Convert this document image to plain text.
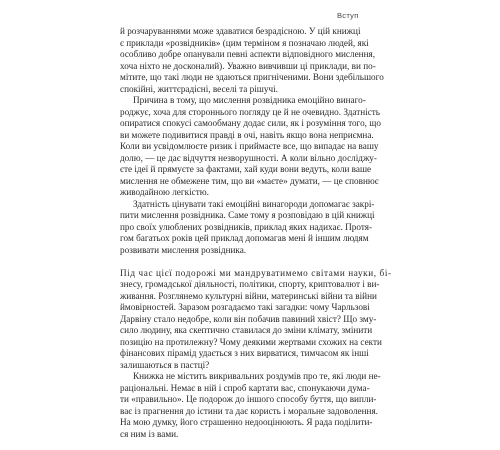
Вступ
й розчаруваннями може здаватися безрадісною. У цій книжці
є приклади «розвідників» (цим терміном я позначаю людей, які
особливо добре опанували певні аспекти відповідного мислення,
хоча ніхто не досконалий). Уважно вивчивши ці приклади, ви по-
мітите, що такі люди не здаються пригніченими. Вони здебільшого
спокійні, життєрадісні, веселі та рішучі.
Причина в тому, що мислення розвідника емоційно винаго-
роджує, хоча для стороннього погляду це й не очевидно. Здатність
опиратися спокусі самообману додає сили, як і розуміння того, що
ви можете подивитися правді в очі, навіть якщо вона неприємна.
Коли ви усвідомлюєте ризик і приймаєте все, що випадає на вашу
долю, — це дає відчуття незворушності. А коли вільно досліджу-
єте ідеї й прямуєте за фактами, хай куди вони ведуть, коли ваше
мислення не обмежене тим, що ви «маєте» думати, — це сповнює
живодайною легкістю.
Здатність цінувати такі емоційні винагороди допомагає закрі-
пити мислення розвідника. Саме тому я розповідаю в цій книжці
про своїх улюблених розвідників, приклад яких надихає. Протя-
гом багатьох років цей приклад допомагав мені й іншим людям
розвивати мислення розвідника.
Під час цієї подорожі ми мандруватимемо світами науки, бі-
знесу, громадської діяльності, політики, спорту, криптовалют і ви-
живання. Розглянемо культурні війни, материнські війни та війни
ймовірностей. Заразом розгадаємо такі загадки: чому Чарльзові
Дарвіну стало недобре, коли він побачив павиний хвіст? Що зму-
сило людину, яка скептично ставилася до зміни клімату, змінити
позицію на протилежну? Чому деякими жертвами схожих на секти
фінансових пірамід удається з них вирватися, тимчасом як інші
залишаються в пастці?
Книжка не містить викривальних роздумів про те, які люди не-
раціональні. Немає в ній і спроб картати вас, спонукаючи дума-
ти «правильно». Це подорож до іншого способу буття, що випли-
ває із прагнення до істини та дає користь і моральне задоволення.
На мою думку, його страшенно недооцінюють. Я рада поділити-
ся ним із вами.
